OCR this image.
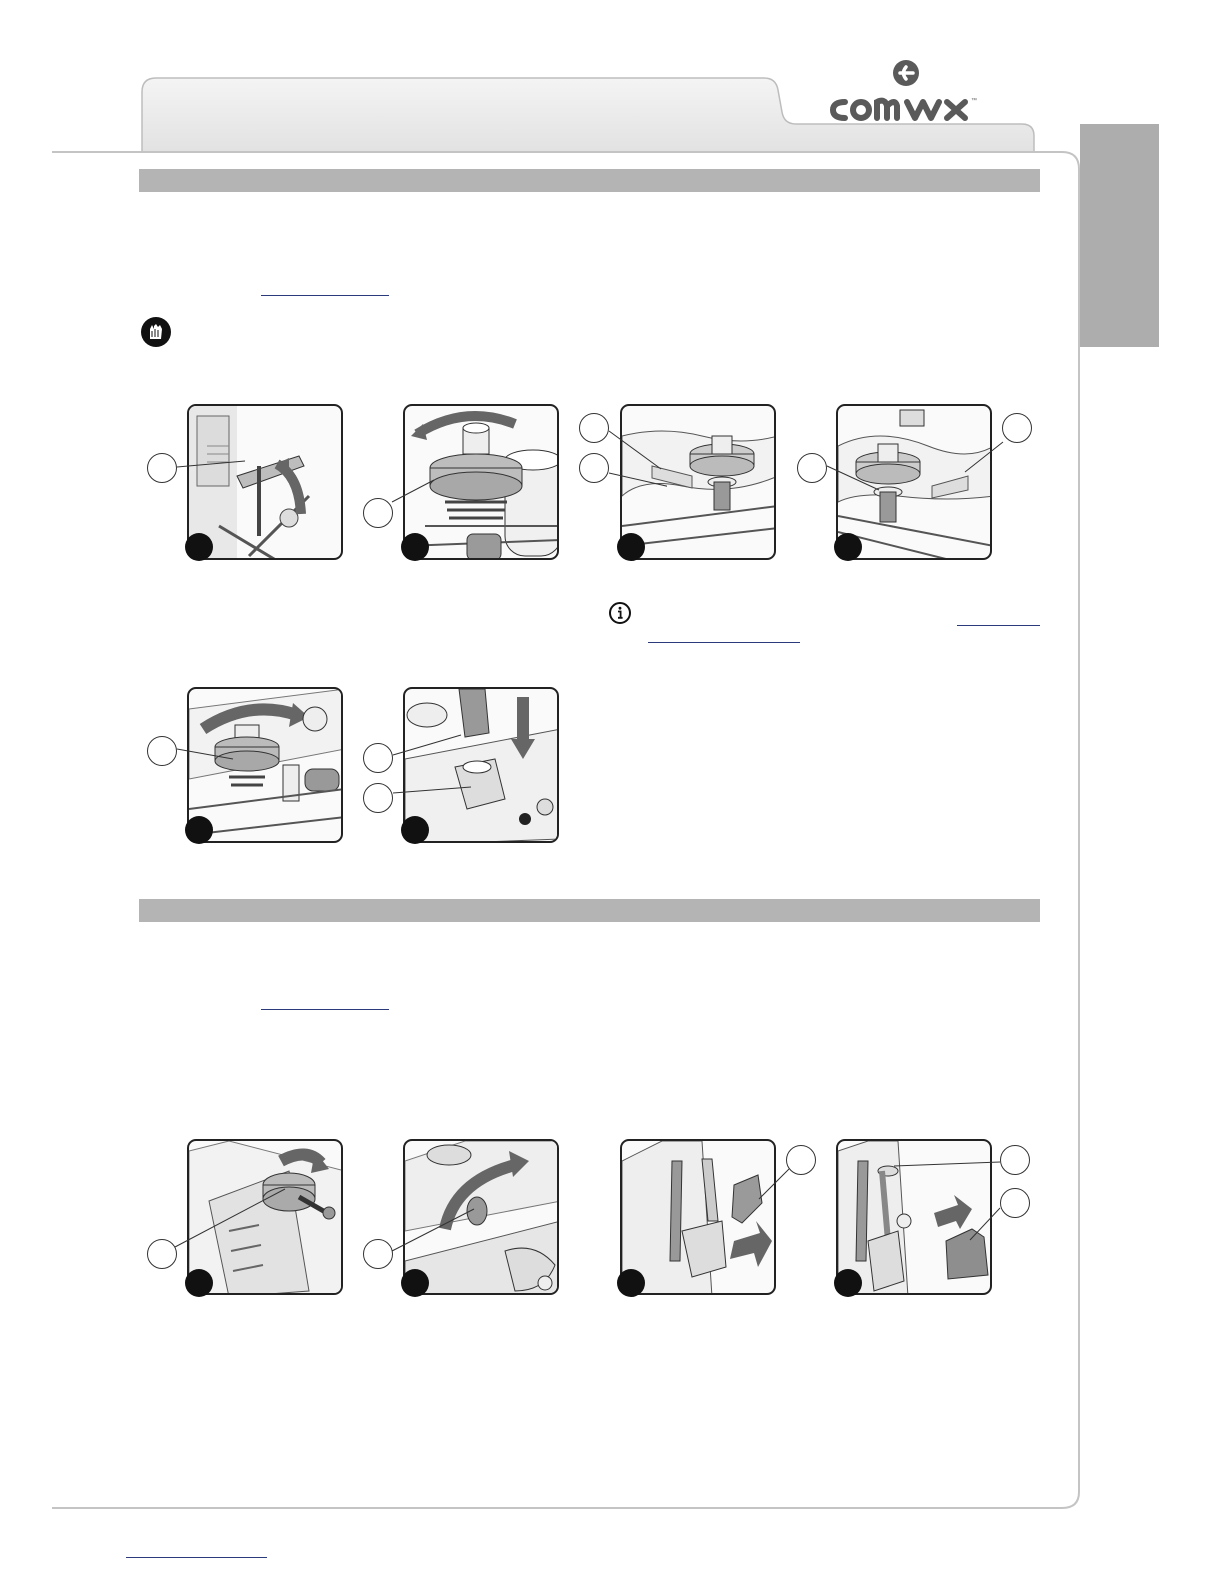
™
